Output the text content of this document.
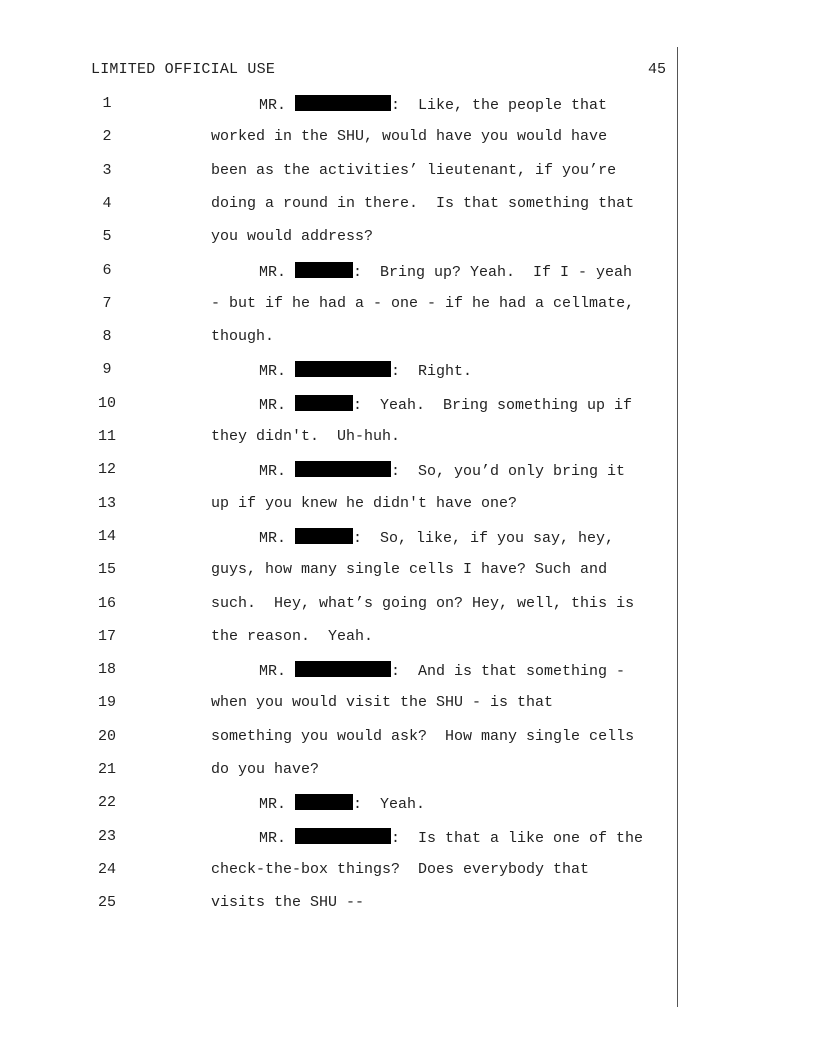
LIMITED OFFICIAL USE	45
1	MR.	:  Like, the people that
2	worked in the SHU, would have you would have
3	been as the activities’ lieutenant, if you’re
4	doing a round in there.  Is that something that
5	you would address?
6	MR.	:  Bring up? Yeah.  If I - yeah
7	- but if he had a - one - if he had a cellmate,
8	though.
9	MR.	:  Right.
10	MR.	:  Yeah.  Bring something up if
11	they didn't.  Uh-huh.
12	MR.	:  So, you’d only bring it
13	up if you knew he didn't have one?
14	MR.	:  So, like, if you say, hey,
15	guys, how many single cells I have? Such and
16	such.  Hey, what’s going on? Hey, well, this is
17	the reason.  Yeah.
18	MR.	:  And is that something -
19	when you would visit the SHU - is that
20	something you would ask?  How many single cells
21	do you have?
22	MR.	:  Yeah.
23	MR.	:  Is that a like one of the
24	check-the-box things?  Does everybody that
25	visits the SHU --
